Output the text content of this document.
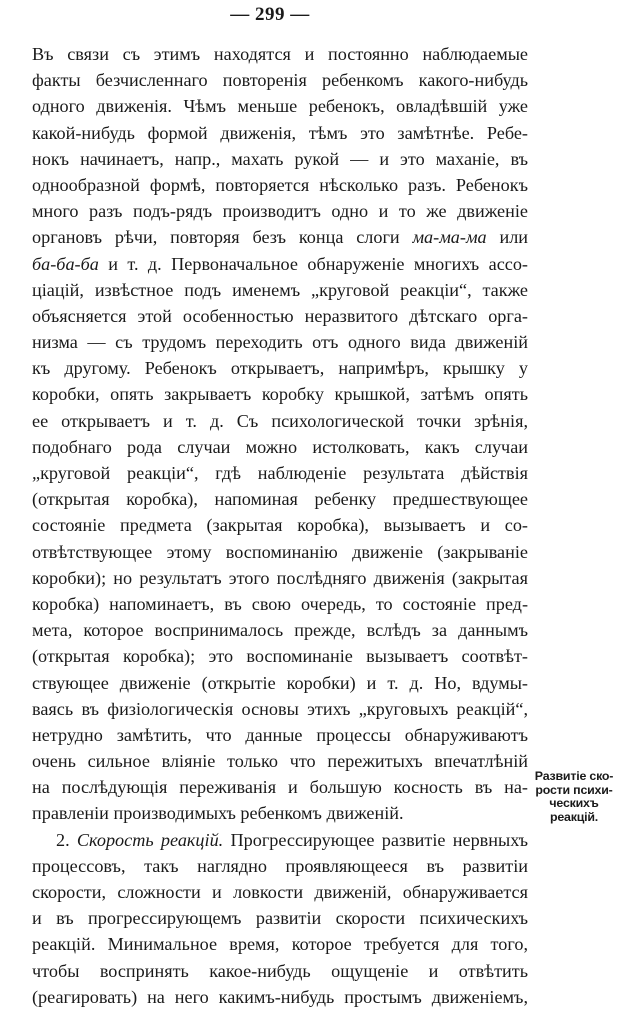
— 299 —
Въ связи съ этимъ находятся и постоянно наблюдаемые
факты безчисленнаго повторенія ребенкомъ какого-нибудь
одного движенія. Чѣмъ меньше ребенокъ, овладѣвшій уже
какой-нибудь формой движенія, тѣмъ это замѣтнѣе. Ребе-
нокъ начинаетъ, напр., махать рукой — и это маханіе, въ
однообразной формѣ, повторяется нѣсколько разъ. Ребенокъ
много разъ подъ-рядъ производитъ одно и то же движеніе
органовъ рѣчи, повторяя безъ конца слоги ма-ма-ма или
ба-ба-ба и т. д. Первоначальное обнаруженіе многихъ ассо-
ціацій, извѣстное подъ именемъ „круговой реакціи“, также
объясняется этой особенностью неразвитого дѣтскаго орга-
низма — съ трудомъ переходить отъ одного вида движеній
къ другому. Ребенокъ открываетъ, напримѣръ, крышку у
коробки, опять закрываетъ коробку крышкой, затѣмъ опять
ее открываетъ и т. д. Съ психологической точки зрѣнія,
подобнаго рода случаи можно истолковать, какъ случаи
„круговой реакціи“, гдѣ наблюденіе результата дѣйствія
(открытая коробка), напоминая ребенку предшествующее
состояніе предмета (закрытая коробка), вызываетъ и со-
отвѣтствующее этому воспоминанію движеніе (закрываніе
коробки); но результатъ этого послѣдняго движенія (закрытая
коробка) напоминаетъ, въ свою очередь, то состояніе пред-
мета, которое воспринималось прежде, вслѣдъ за даннымъ
(открытая коробка); это воспоминаніе вызываетъ соотвѣт-
ствующее движеніе (открытіе коробки) и т. д. Но, вдумы-
ваясь въ физіологическія основы этихъ „круговыхъ реакцій“,
нетрудно замѣтить, что данные процессы обнаруживаютъ
очень сильное вліяніе только что пережитыхъ впечатлѣній
на послѣдующія переживанія и большую косность въ на-
правленіи производимыхъ ребенкомъ движеній.
2. Скорость реакцій. Прогрессирующее развитіе нервныхъ
процессовъ, такъ наглядно проявляющееся въ развитіи
скорости, сложности и ловкости движеній, обнаруживается
и въ прогрессирующемъ развитіи скорости психическихъ
реакцій. Минимальное время, которое требуется для того,
чтобы воспринять какое-нибудь ощущеніе и отвѣтить
(реагировать) на него какимъ-нибудь простымъ движеніемъ,
Развитіе ско-
рости психи-
ческихъ
реакцій.
